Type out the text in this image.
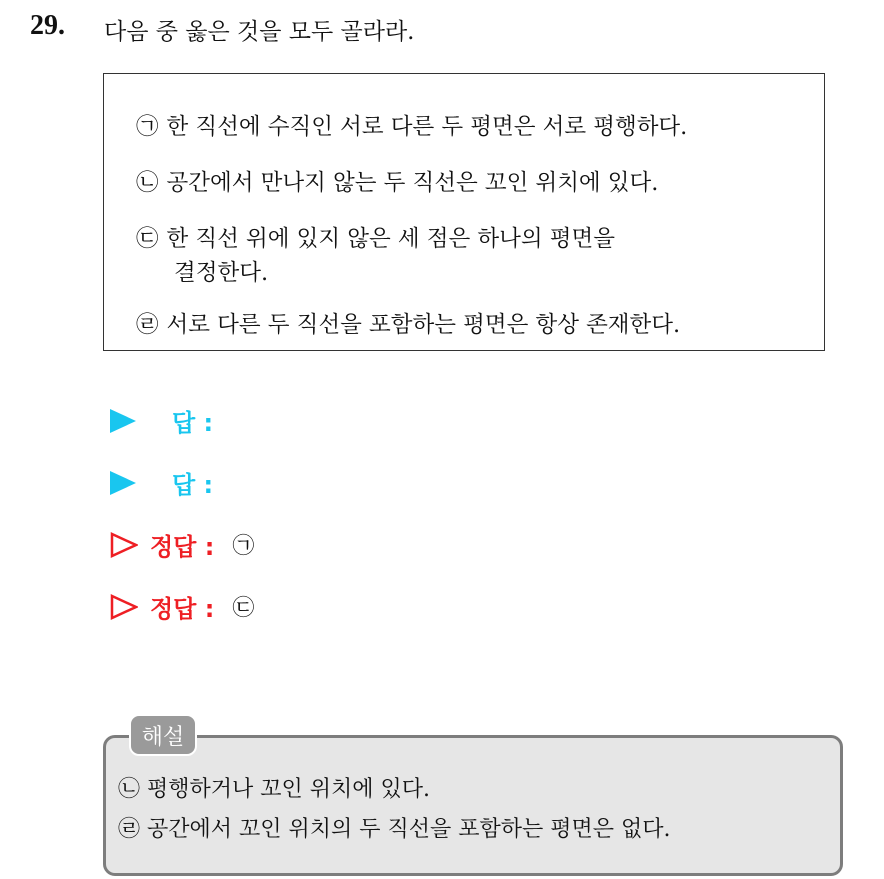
29. 다음 중 옳은 것을 모두 골라라.
㉠ 한 직선에 수직인 서로 다른 두 평면은 서로 평행하다.
㉡ 공간에서 만나지 않는 두 직선은 꼬인 위치에 있다.
㉢ 한 직선 위에 있지 않은 세 점은 하나의 평면을
결정한다.
㉣ 서로 다른 두 직선을 포함하는 평면은 항상 존재한다.
답 :
답 :
정답 : ㉠
정답 : ㉢
해설
㉡ 평행하거나 꼬인 위치에 있다.
㉣ 공간에서 꼬인 위치의 두 직선을 포함하는 평면은 없다.
